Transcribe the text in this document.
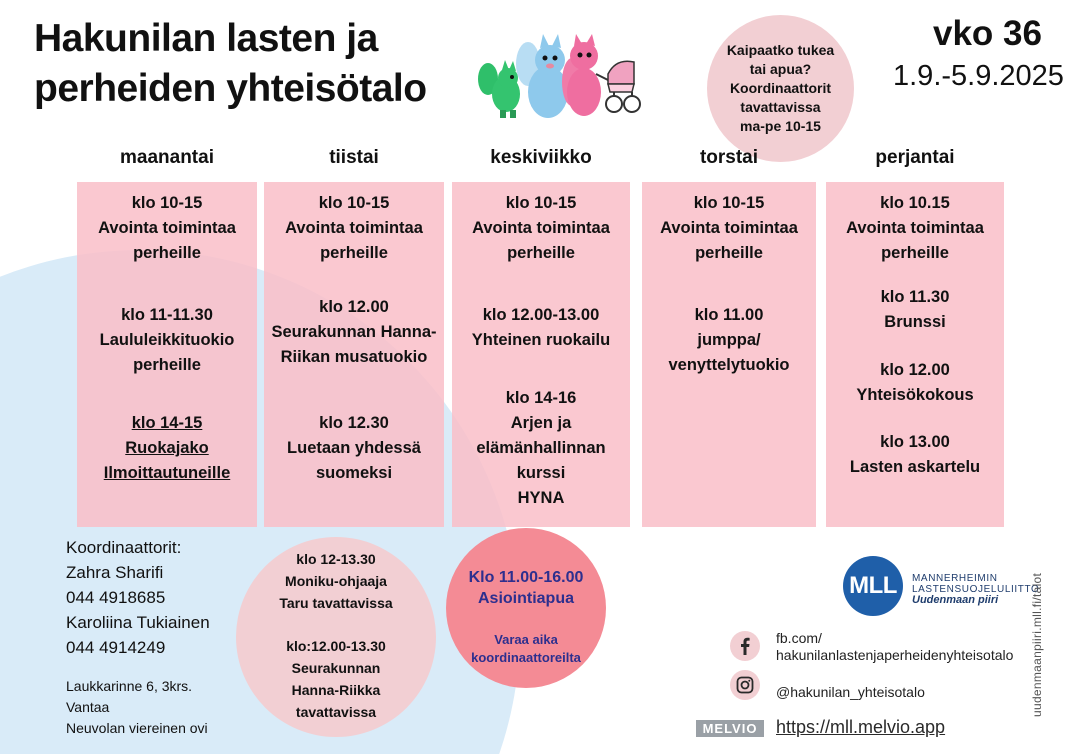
Hakunilan lasten ja
perheiden yhteisötalo
Kaipaatko tukea
tai apua?
Koordinaattorit
tavattavissa
ma-pe 10-15
vko 36
1.9.-5.9.2025
maanantai	tiistai	keskiviikko	torstai	perjantai
klo 10-15
Avointa toimintaa
perheille
klo 11-11.30
Laululeikkituokio
perheille
klo 14-15
Ruokajako
Ilmoittautuneille
klo 10-15
Avointa toimintaa
perheille
klo 12.00
Seurakunnan Hanna-
Riikan musatuokio
klo 12.30
Luetaan yhdessä
suomeksi
klo 10-15
Avointa toimintaa
perheille
klo 12.00-13.00
Yhteinen ruokailu
klo 14-16
Arjen ja
elämänhallinnan
kurssi
HYNA
klo 10-15
Avointa toimintaa
perheille
klo 11.00
jumppa/
venyttelytuokio
klo 10.15
Avointa toimintaa
perheille
klo 11.30
Brunssi
klo 12.00
Yhteisökokous
klo 13.00
Lasten askartelu
Koordinaattorit:
Zahra Sharifi
044 4918685
Karoliina Tukiainen
044 4914249
Laukkarinne 6, 3krs.
Vantaa
Neuvolan viereinen ovi
klo 12-13.30
Moniku-ohjaaja
Taru tavattavissa
klo:12.00-13.30
Seurakunnan
Hanna-Riikka
tavattavissa
Klo 11.00-16.00
Asiointiapua
Varaa aika
koordinaattoreilta
MLL	MANNERHEIMIN
LASTENSUOJELULIITTO
Uudenmaan piiri
fb.com/
hakunilanlastenjaperheidenyhteisotalo
@hakunilan_yhteisotalo
MELVIO	https://mll.melvio.app
uudenmaanpiiri.mll.fi/talot
